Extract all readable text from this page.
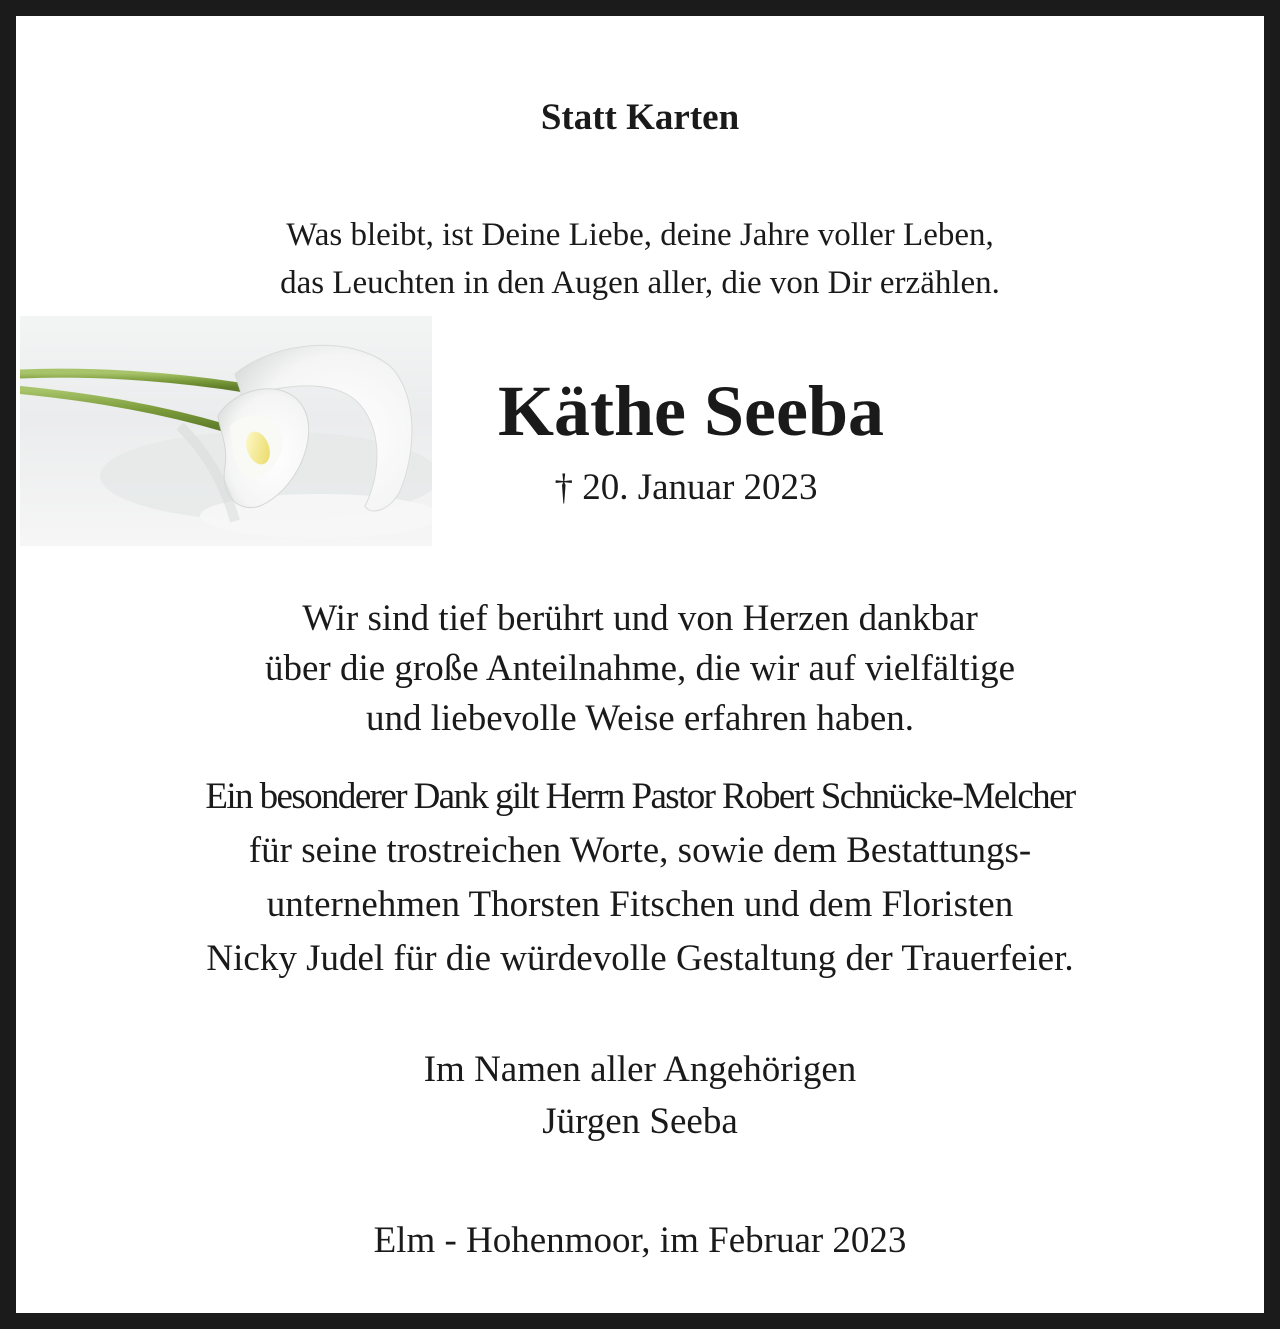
Statt Karten
Was bleibt, ist Deine Liebe, deine Jahre voller Leben,
das Leuchten in den Augen aller, die von Dir erzählen.
Käthe Seeba
† 20. Januar 2023
Wir sind tief berührt und von Herzen dankbar
über die große Anteilnahme, die wir auf vielfältige
und liebevolle Weise erfahren haben.
Ein besonderer Dank gilt Herrn Pastor Robert Schnücke-Melcher
für seine trostreichen Worte, sowie dem Bestattungs-
unternehmen Thorsten Fitschen und dem Floristen
Nicky Judel für die würdevolle Gestaltung der Trauerfeier.
Im Namen aller Angehörigen
Jürgen Seeba
Elm - Hohenmoor, im Februar 2023
